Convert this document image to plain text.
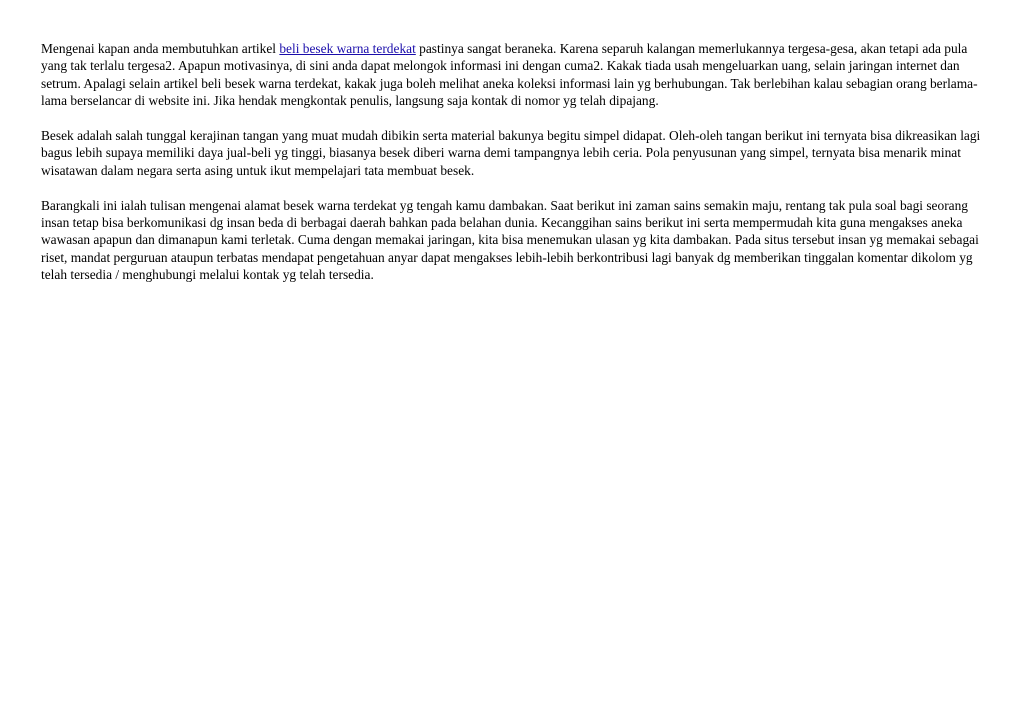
Mengenai kapan anda membutuhkan artikel beli besek warna terdekat pastinya sangat beraneka. Karena separuh kalangan memerlukannya tergesa-gesa, akan tetapi ada pula yang tak terlalu tergesa2. Apapun motivasinya, di sini anda dapat melongok informasi ini dengan cuma2. Kakak tiada usah mengeluarkan uang, selain jaringan internet dan setrum. Apalagi selain artikel beli besek warna terdekat, kakak juga boleh melihat aneka koleksi informasi lain yg berhubungan. Tak berlebihan kalau sebagian orang berlama-lama berselancar di website ini. Jika hendak mengkontak penulis, langsung saja kontak di nomor yg telah dipajang.

Besek adalah salah tunggal kerajinan tangan yang muat mudah dibikin serta material bakunya begitu simpel didapat. Oleh-oleh tangan berikut ini ternyata bisa dikreasikan lagi bagus lebih supaya memiliki daya jual-beli yg tinggi, biasanya besek diberi warna demi tampangnya lebih ceria. Pola penyusunan yang simpel, ternyata bisa menarik minat wisatawan dalam negara serta asing untuk ikut mempelajari tata membuat besek.

Barangkali ini ialah tulisan mengenai alamat besek warna terdekat yg tengah kamu dambakan. Saat berikut ini zaman sains semakin maju, rentang tak pula soal bagi seorang insan tetap bisa berkomunikasi dg insan beda di berbagai daerah bahkan pada belahan dunia. Kecanggihan sains berikut ini serta mempermudah kita guna mengakses aneka wawasan apapun dan dimanapun kami terletak. Cuma dengan memakai jaringan, kita bisa menemukan ulasan yg kita dambakan. Pada situs tersebut insan yg memakai sebagai riset, mandat perguruan ataupun terbatas mendapat pengetahuan anyar dapat mengakses lebih-lebih berkontribusi lagi banyak dg memberikan tinggalan komentar dikolom yg telah tersedia / menghubungi melalui kontak yg telah tersedia.
